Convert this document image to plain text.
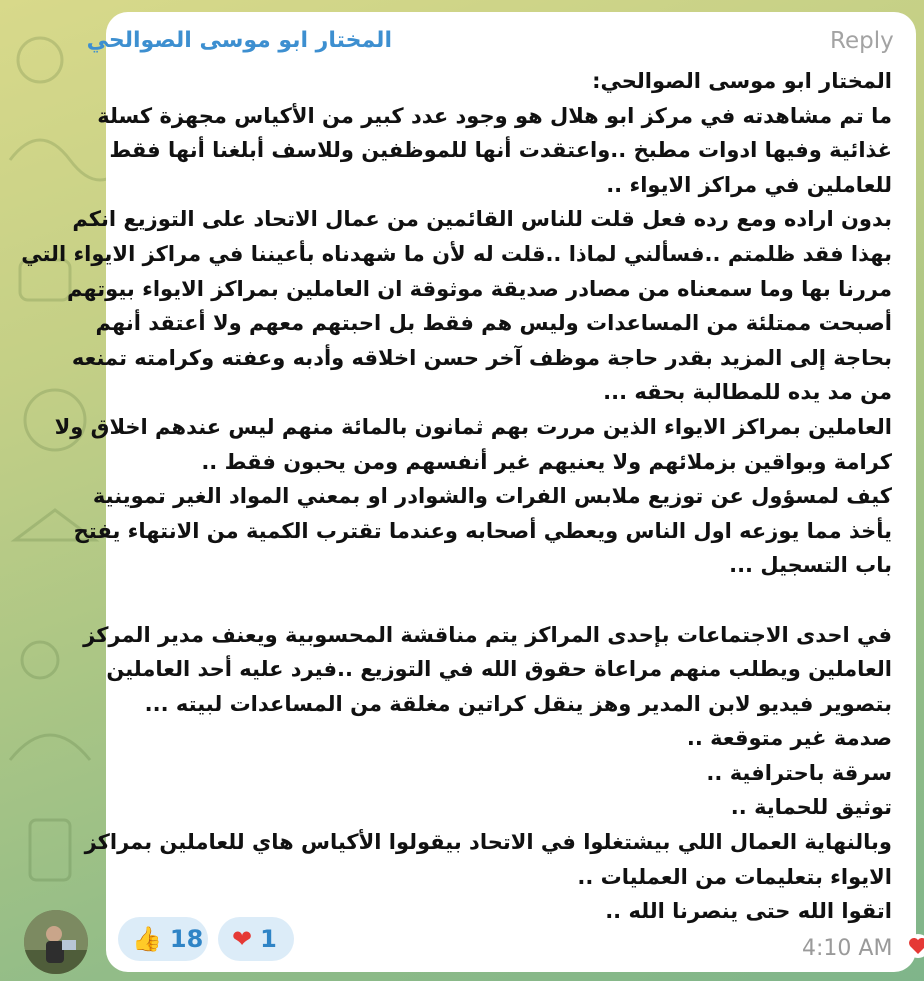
المختار ابو موسى الصوالحي	Reply
المختار ابو موسى الصوالحي:
ما تم مشاهدته في مركز ابو هلال هو وجود عدد كبير من الأكياس مجهزة كسلة
غذائية وفيها ادوات مطبخ ..واعتقدت أنها للموظفين وللاسف أبلغنا أنها فقط
للعاملين في مراكز الايواء ..
بدون اراده ومع رده فعل قلت للناس القائمين من عمال الاتحاد على التوزيع انكم
بهذا فقد ظلمتم ..فسألني لماذا ..قلت له لأن ما شهدناه بأعيننا في مراكز الايواء التي
مررنا بها وما سمعناه من مصادر صديقة موثوقة ان العاملين بمراكز الايواء بيوتهم
أصبحت ممتلئة من المساعدات وليس هم فقط بل احبتهم معهم ولا أعتقد أنهم
بحاجة إلى المزيد بقدر حاجة موظف آخر حسن اخلاقه وأدبه وعفته وكرامته تمنعه
من مد يده للمطالبة بحقه ...
العاملين بمراكز الايواء الذين مررت بهم ثمانون بالمائة منهم ليس عندهم اخلاق ولا
كرامة وبواقين بزملائهم ولا يعنيهم غير أنفسهم ومن يحبون فقط ..
كيف لمسؤول عن توزيع ملابس الفرات والشوادر او بمعني المواد الغير تموينية
يأخذ مما يوزعه اول الناس ويعطي أصحابه وعندما تقترب الكمية من الانتهاء يفتح
باب التسجيل ...
في احدى الاجتماعات بإحدى المراكز يتم مناقشة المحسوبية ويعنف مدير المركز
العاملين ويطلب منهم مراعاة حقوق الله في التوزيع ..فيرد عليه أحد العاملين
بتصوير فيديو لابن المدير وهز ينقل كراتين مغلقة من المساعدات لبيته ...
صدمة غير متوقعة ..
سرقة باحترافية ..
توثيق للحماية ..
وبالنهاية العمال اللي بيشتغلوا في الاتحاد بيقولوا الأكياس هاي للعاملين بمراكز
الايواء بتعليمات من العمليات ..
اتقوا الله حتى ينصرنا الله ..
👍 18 ❤ 1	4:10 AM
